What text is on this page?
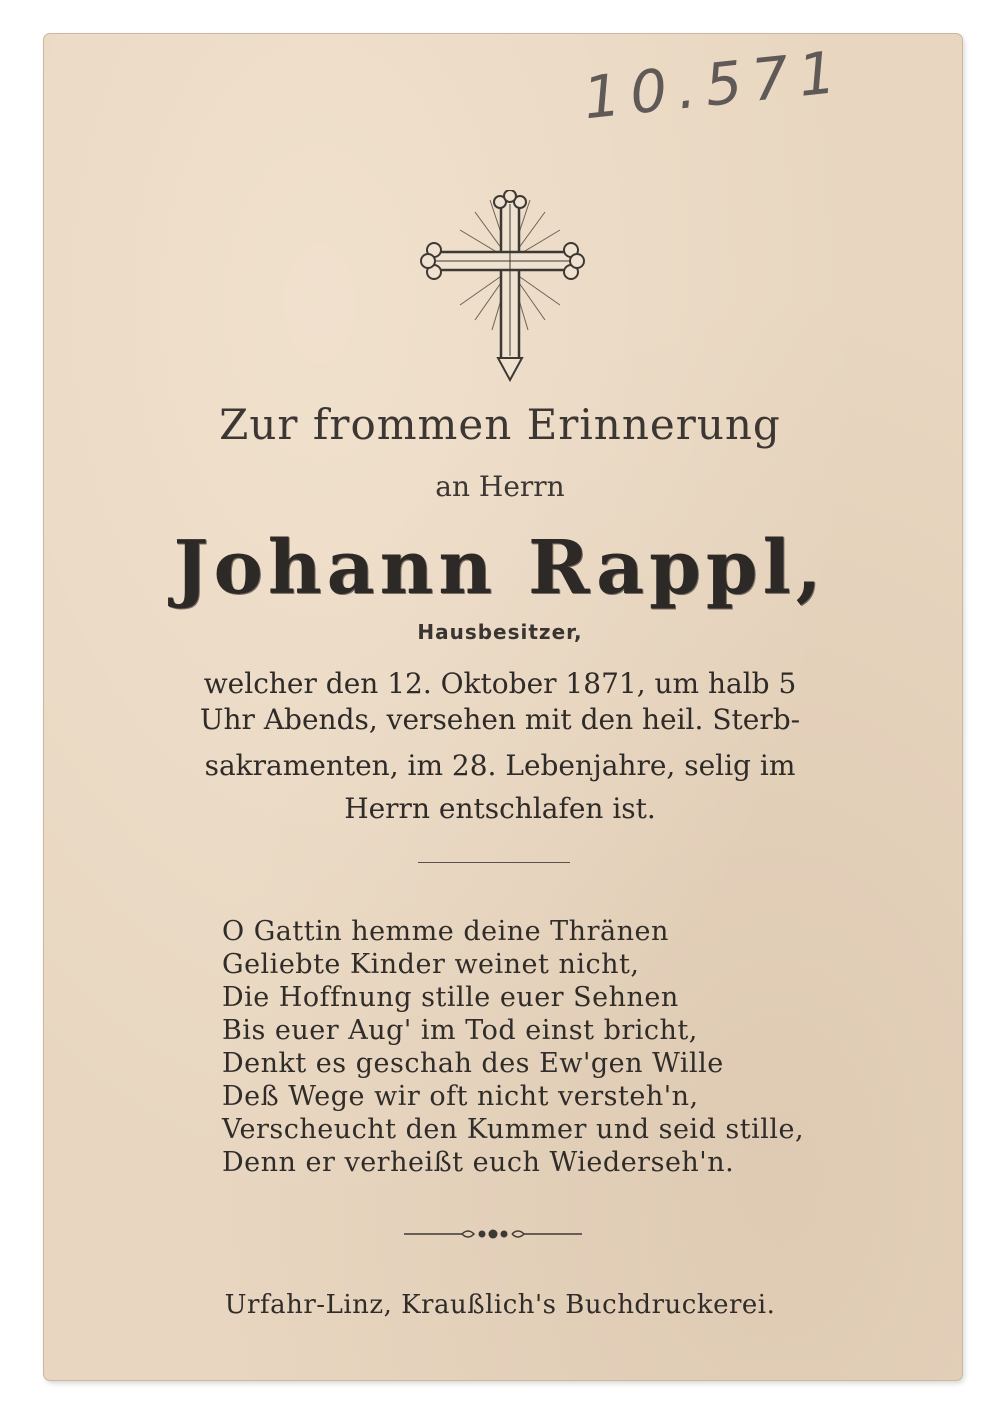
10.571
Zur frommen Erinnerung
an Herrn
Johann Rappl,
Hausbesitzer,
welcher den 12. Oktober 1871, um halb 5
Uhr Abends, versehen mit den heil. Sterb-
sakramenten, im 28. Lebenjahre, selig im
Herrn entschlafen ist.
O Gattin hemme deine Thränen
Geliebte Kinder weinet nicht,
Die Hoffnung stille euer Sehnen
Bis euer Aug' im Tod einst bricht,
Denkt es geschah des Ew'gen Wille
Deß Wege wir oft nicht versteh'n,
Verscheucht den Kummer und seid stille,
Denn er verheißt euch Wiederseh'n.
Urfahr-Linz, Kraußlich's Buchdruckerei.
